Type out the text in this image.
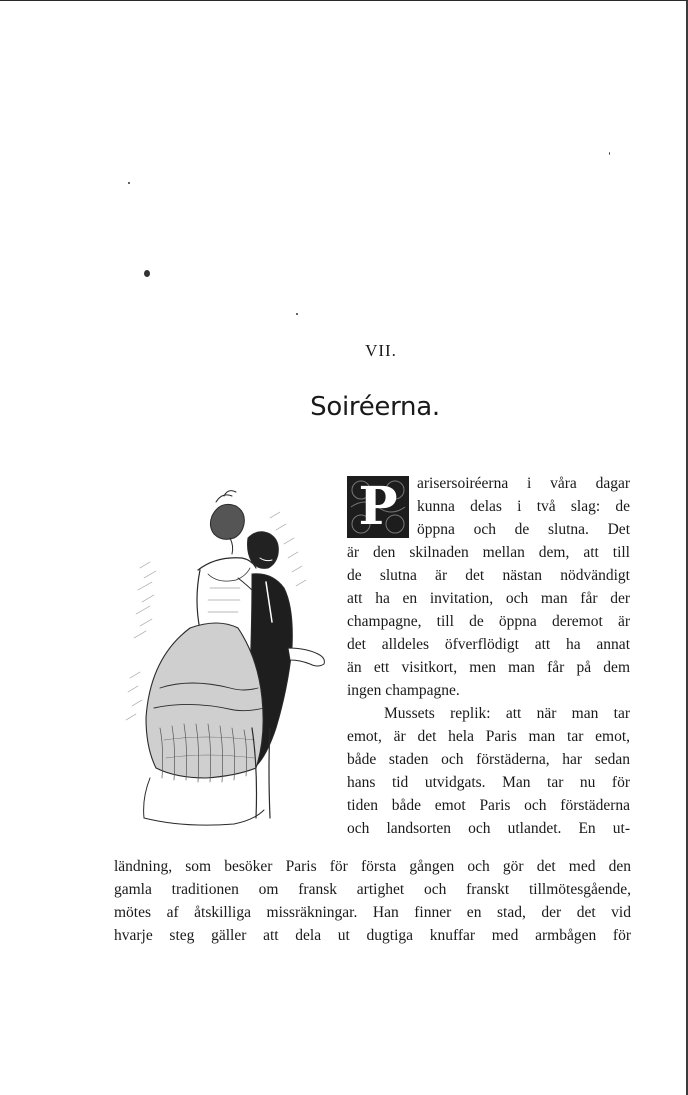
VII.
Soiréerna.
P	arisersoiréerna i våra dagar
kunna delas i två slag: de
öppna och de slutna. Det
är den skilnaden mellan dem, att till
de slutna är det nästan nödvändigt
att ha en invitation, och man får der
champagne, till de öppna deremot är
det alldeles öfverflödigt att ha annat
än ett visitkort, men man får på dem
ingen champagne.
Mussets replik: att när man tar
emot, är det hela Paris man tar emot,
både staden och förstäderna, har sedan
hans tid utvidgats. Man tar nu för
tiden både emot Paris och förstäderna
och landsorten och utlandet. En ut-
ländning, som besöker Paris för första gången och gör det med den
gamla traditionen om fransk artighet och franskt tillmötesgående,
mötes af åtskilliga missräkningar. Han finner en stad, der det vid
hvarje steg gäller att dela ut dugtiga knuffar med armbågen för
